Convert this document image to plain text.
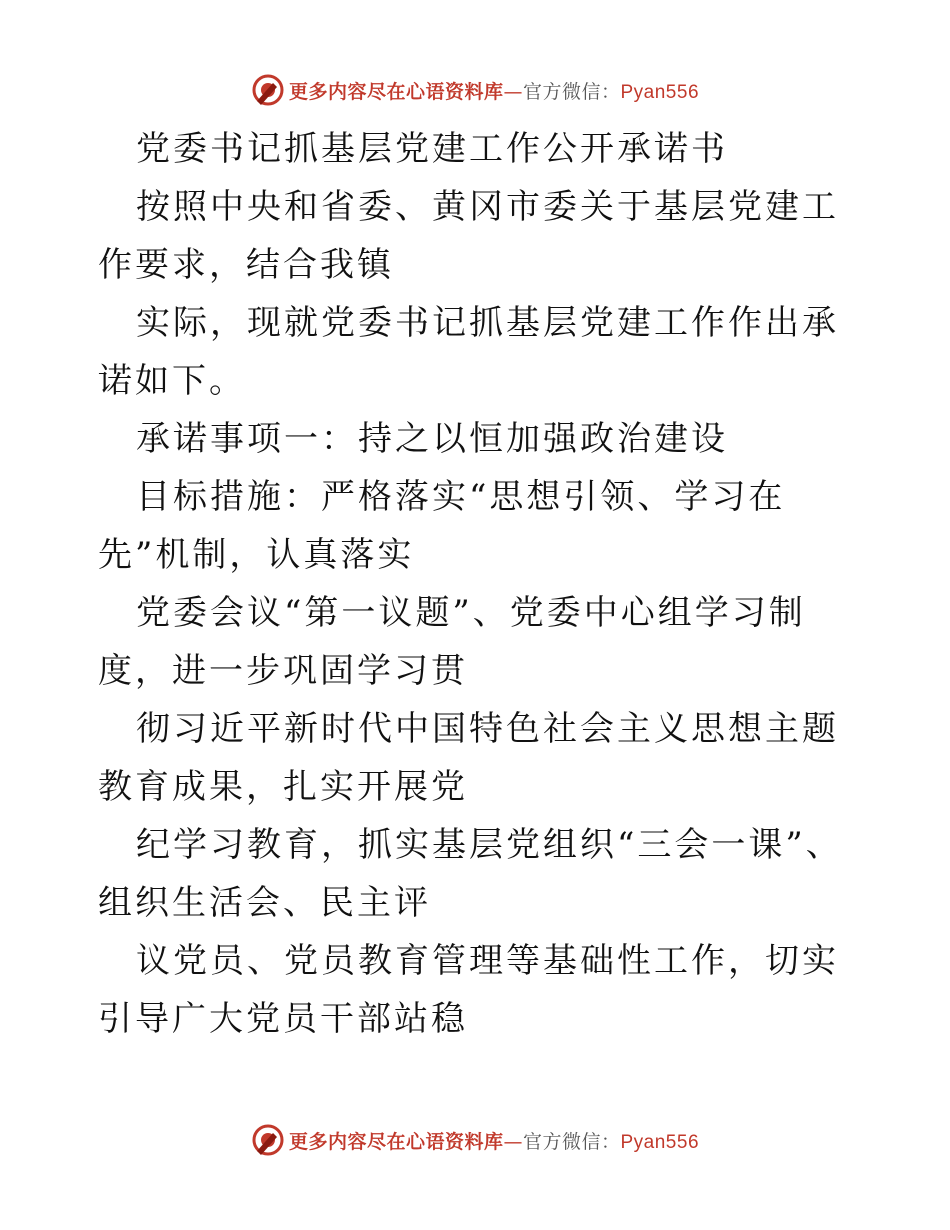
更多内容尽在心语资料库—官方微信：Pyan556

党委书记抓基层党建工作公开承诺书

按照中央和省委、黄冈市委关于基层党建工作要求，结合我镇

实际，现就党委书记抓基层党建工作作出承诺如下。

承诺事项一：持之以恒加强政治建设

目标措施：严格落实“思想引领、学习在先”机制，认真落实

党委会议“第一议题”、党委中心组学习制度，进一步巩固学习贯

彻习近平新时代中国特色社会主义思想主题教育成果，扎实开展党

纪学习教育，抓实基层党组织“三会一课”、组织生活会、民主评

议党员、党员教育管理等基础性工作，切实引导广大党员干部站稳

更多内容尽在心语资料库—官方微信：Pyan556
